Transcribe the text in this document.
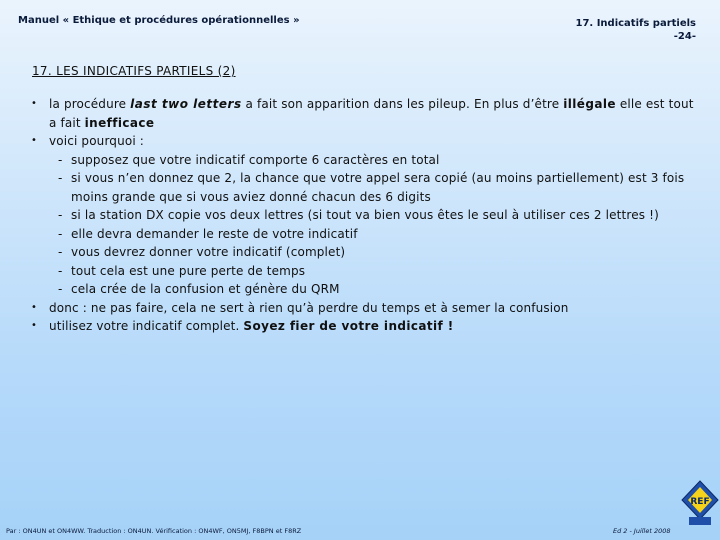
Manuel « Ethique et procédures opérationnelles »	17. Indicatifs partiels
-24-
17. LES INDICATIFS PARTIELS (2)
• la procédure last two letters a fait son apparition dans les pileup. En plus d’être illégale elle est tout a fait inefficace
• voici pourquoi :
- supposez que votre indicatif comporte 6 caractères en total
- si vous n’en donnez que 2, la chance que votre appel sera copié (au moins partiellement) est 3 fois moins grande que si vous aviez donné chacun des 6 digits
- si la station DX copie vos deux lettres (si tout va bien vous êtes le seul à utiliser ces 2 lettres !)
- elle devra demander le reste de votre indicatif
- vous devrez donner votre indicatif (complet)
- tout cela est une pure perte de temps
- cela crée de la confusion et génère du QRM
• donc : ne pas faire, cela ne sert à rien qu’à perdre du temps et à semer la confusion
• utilisez votre indicatif complet. Soyez fier de votre indicatif !
Par : ON4UN et ON4WW. Traduction : ON4UN. Vérification : ON4WF, ON5MJ, F8BPN et F8RZ	Ed 2 - Juillet 2008
REF
